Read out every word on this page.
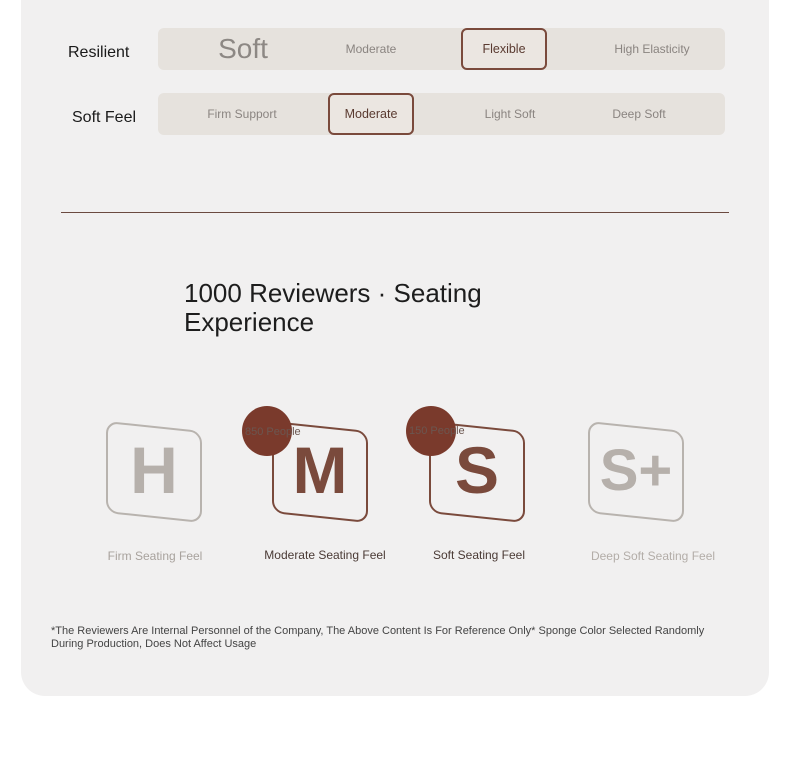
Resilient	Soft	Moderate	Flexible	High Elasticity
Soft Feel	Firm Support	Moderate	Light Soft	Deep Soft
1000 Reviewers · Seating Experience
H	M
850 People
S
150 People
S+
Firm Seating Feel	Moderate Seating Feel	Soft Seating Feel	Deep Soft Seating Feel
*The Reviewers Are Internal Personnel of the Company, The Above Content Is For Reference Only* Sponge Color Selected Randomly During Production, Does Not Affect Usage
